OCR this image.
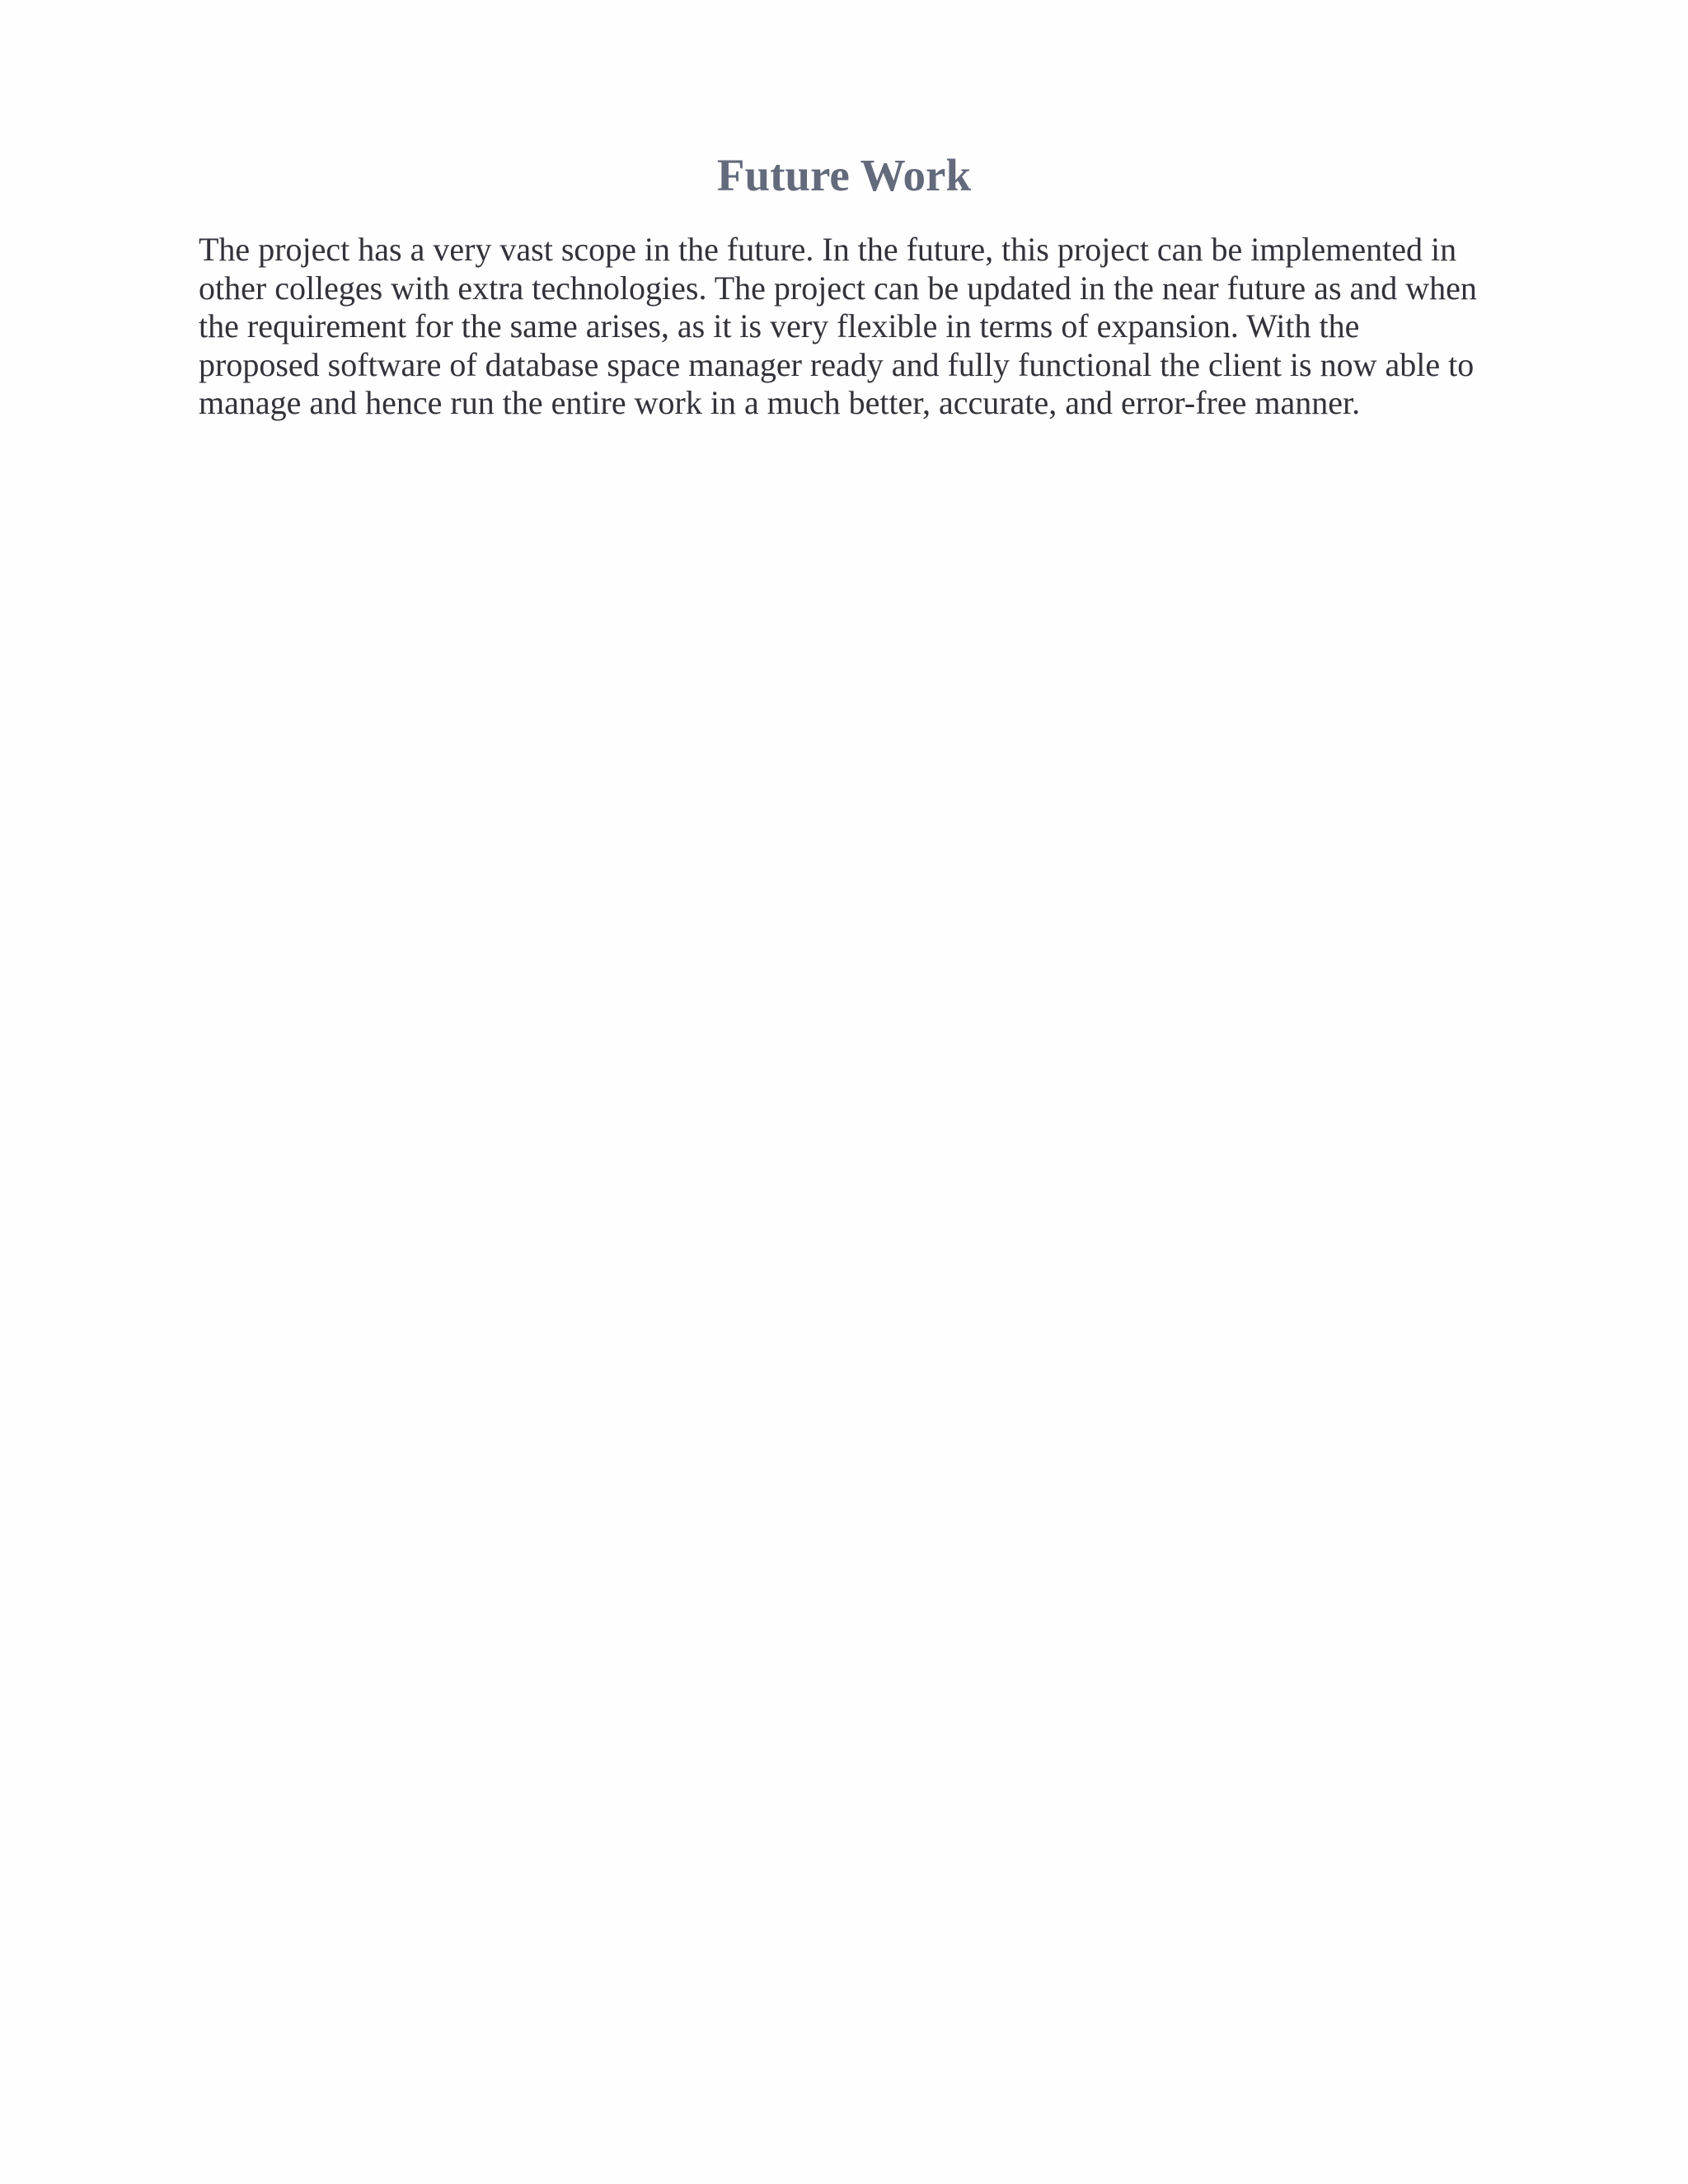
Future Work

The project has a very vast scope in the future. In the future, this project can be implemented in
other colleges with extra technologies. The project can be updated in the near future as and when
the requirement for the same arises, as it is very flexible in terms of expansion. With the
proposed software of database space manager ready and fully functional the client is now able to
manage and hence run the entire work in a much better, accurate, and error-free manner.
